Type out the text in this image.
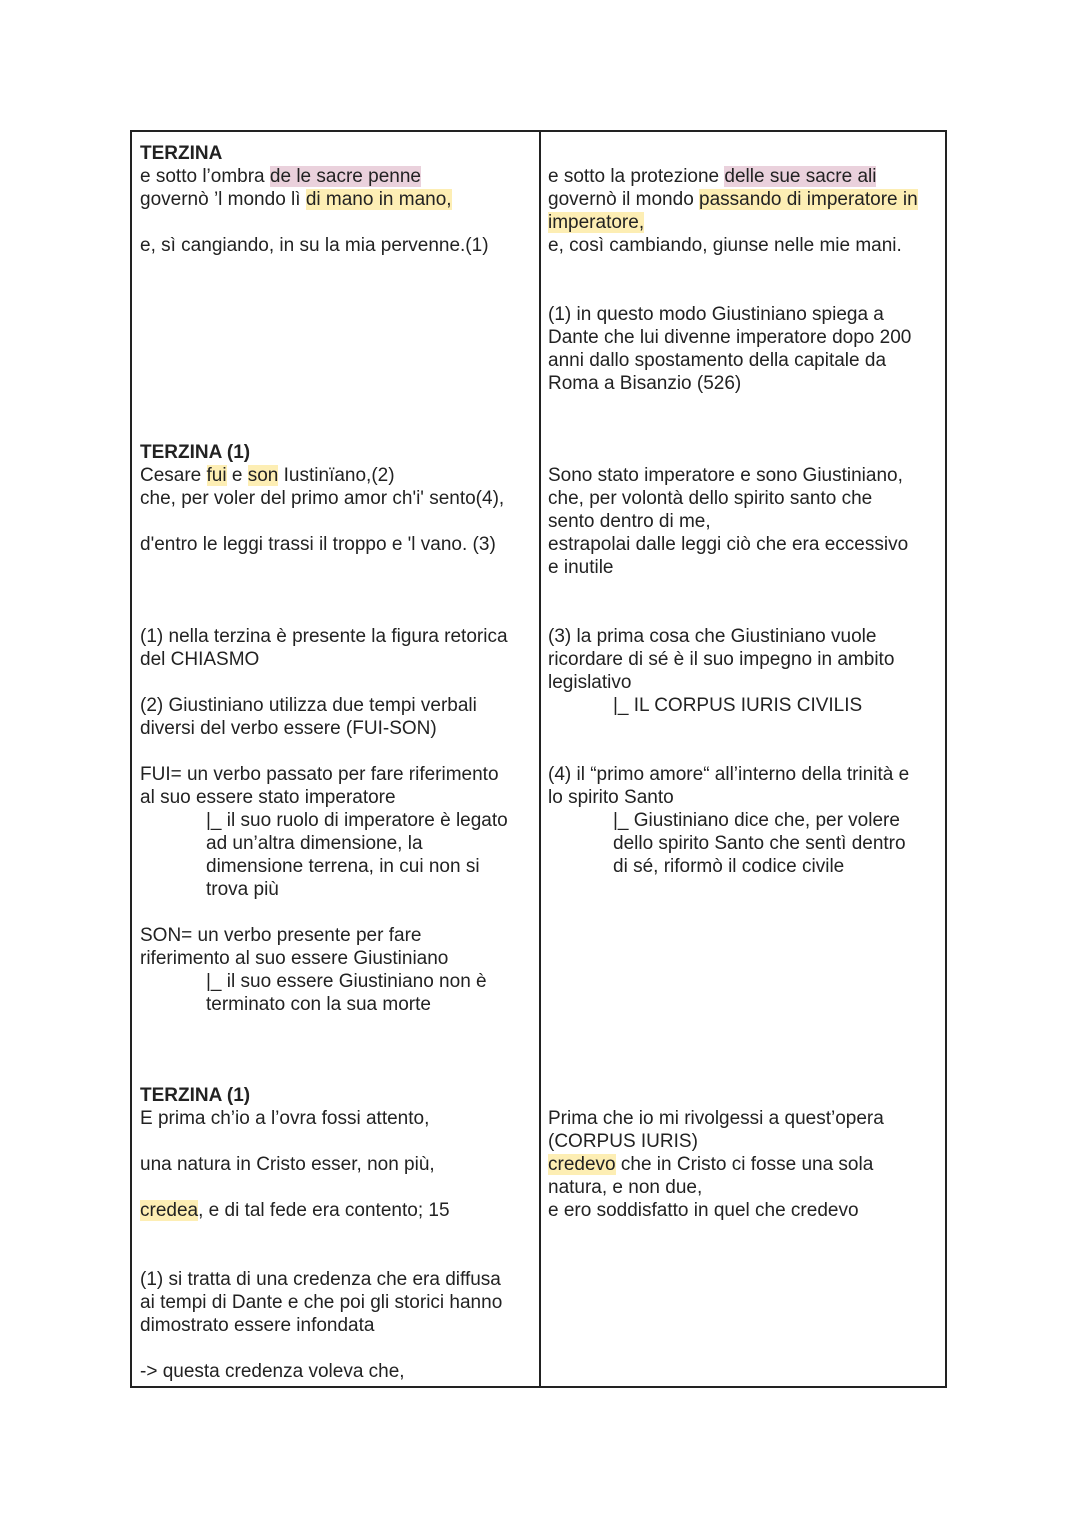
TERZINA
e sotto l’ombra de le sacre penne
governò ’l mondo lì di mano in mano,
e, sì cangiando, in su la mia pervenne.(1)
TERZINA (1)
Cesare fui e son Iustinïano,(2)
che, per voler del primo amor ch'i' sento(4),
d'entro le leggi trassi il troppo e 'l vano. (3)
(1) nella terzina è presente la figura retorica
del CHIASMO
(2) Giustiniano utilizza due tempi verbali
diversi del verbo essere (FUI-SON)
FUI= un verbo passato per fare riferimento
al suo essere stato imperatore
|_ il suo ruolo di imperatore è legato
ad un’altra dimensione, la
dimensione terrena, in cui non si
trova più
SON= un verbo presente per fare
riferimento al suo essere Giustiniano
|_ il suo essere Giustiniano non è
terminato con la sua morte
TERZINA (1)
E prima ch’io a l’ovra fossi attento,
una natura in Cristo esser, non più,
credea, e di tal fede era contento; 15
(1) si tratta di una credenza che era diffusa
ai tempi di Dante e che poi gli storici hanno
dimostrato essere infondata
-> questa credenza voleva che,
e sotto la protezione delle sue sacre ali
governò il mondo passando di imperatore in
imperatore,
e, così cambiando, giunse nelle mie mani.
(1) in questo modo Giustiniano spiega a
Dante che lui divenne imperatore dopo 200
anni dallo spostamento della capitale da
Roma a Bisanzio (526)
Sono stato imperatore e sono Giustiniano,
che, per volontà dello spirito santo che
sento dentro di me,
estrapolai dalle leggi ciò che era eccessivo
e inutile
(3) la prima cosa che Giustiniano vuole
ricordare di sé è il suo impegno in ambito
legislativo
|_ IL CORPUS IURIS CIVILIS
(4) il “primo amore“ all’interno della trinità e
lo spirito Santo
|_ Giustiniano dice che, per volere
dello spirito Santo che sentì dentro
di sé, riformò il codice civile
Prima che io mi rivolgessi a quest’opera
(CORPUS IURIS)
credevo che in Cristo ci fosse una sola
natura, e non due,
e ero soddisfatto in quel che credevo
